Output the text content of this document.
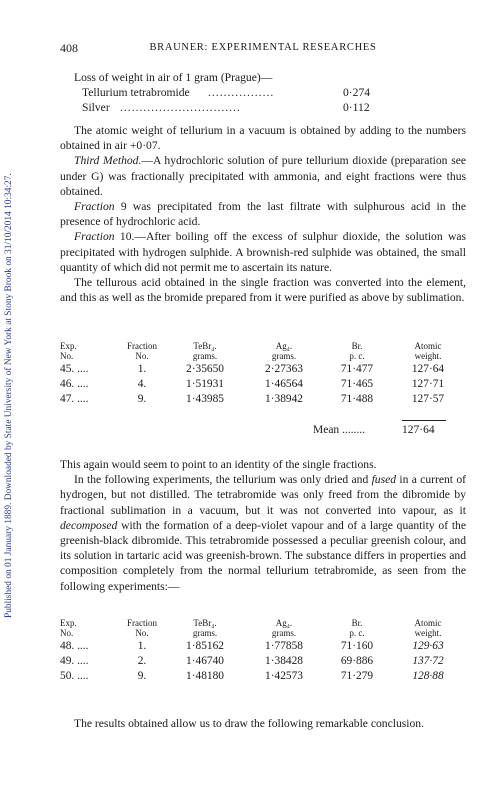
Published on 01 January 1889. Downloaded by State University of New York at Stony Brook on 31/10/2014 10:34:27.
408	BRAUNER: EXPERIMENTAL RESEARCHES
Loss of weight in air of 1 gram (Prague)—
Tellurium tetrabromide .................	0·274
Silver ...............................	0·112

The atomic weight of tellurium in a vacuum is obtained by adding to the numbers obtained in air +0·07.

Third Method.—A hydrochloric solution of pure tellurium dioxide (preparation see under G) was fractionally precipitated with ammonia, and eight fractions were thus obtained.

Fraction 9 was precipitated from the last filtrate with sulphurous acid in the presence of hydrochloric acid.

Fraction 10.—After boiling off the excess of sulphur dioxide, the solution was precipitated with hydrogen sulphide. A brownish-red sulphide was obtained, the small quantity of which did not permit me to ascertain its nature.

The tellurous acid obtained in the single fraction was converted into the element, and this as well as the bromide prepared from it were purified as above by sublimation.

Exp.	Fraction	TeBr₄.	Ag₄.	Br.	Atomic
No.	No.	grams.	grams.	p. c.	weight.
45. ....	1.	2·35650	2·27363	71·477	127·64
46. ....	4.	1·51931	1·46564	71·465	127·71
47. ....	9.	1·43985	1·38942	71·488	127·57
Mean ........	127·64

This again would seem to point to an identity of the single fractions.

In the following experiments, the tellurium was only dried and fused in a current of hydrogen, but not distilled. The tetrabromide was only freed from the dibromide by fractional sublimation in a vacuum, but it was not converted into vapour, as it decomposed with the formation of a deep-violet vapour and of a large quantity of the greenish-black dibromide. This tetrabromide possessed a peculiar greenish colour, and its solution in tartaric acid was greenish-brown. The substance differs in properties and composition completely from the normal tellurium tetrabromide, as seen from the following experiments:—

Exp.	Fraction	TeBr₄.	Ag₄.	Br.	Atomic
No.	No.	grams.	grams.	p. c.	weight.
48. ....	1.	1·85162	1·77858	71·160	129·63
49. ....	2.	1·46740	1·38428	69·886	137·72
50. ....	9.	1·48180	1·42573	71·279	128·88

The results obtained allow us to draw the following remarkable conclusion.
